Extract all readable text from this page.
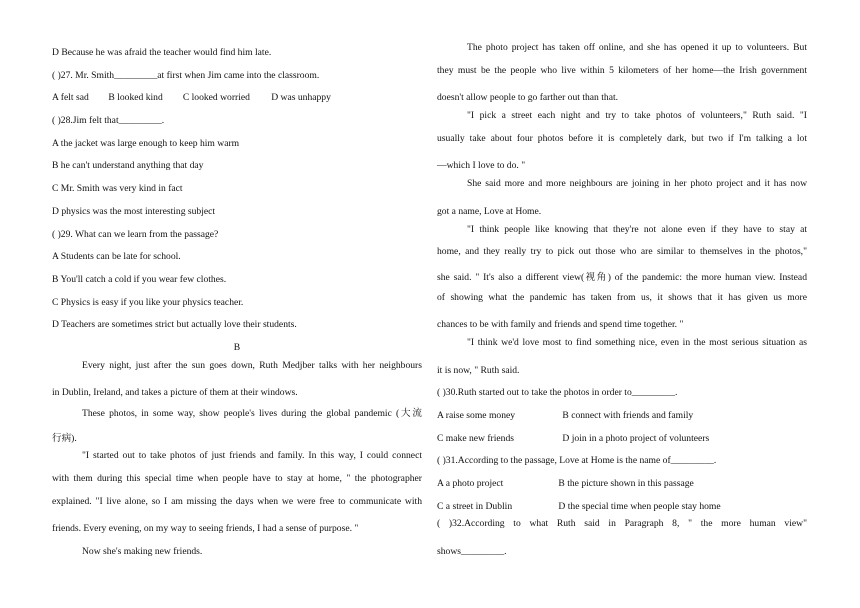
D Because he was afraid the teacher would find him late.
( )27. Mr. Smith_________at first when Jim came into the classroom.
A felt sad B looked kind C looked worried D was unhappy
( )28.Jim felt that_________.
A the jacket was large enough to keep him warm
B he can't understand anything that day
C Mr. Smith was very kind in fact
D physics was the most interesting subject
( )29. What can we learn from the passage?
A Students can be late for school.
B You'll catch a cold if you wear few clothes.
C Physics is easy if you like your physics teacher.
D Teachers are sometimes strict but actually love their students.
B
Every night, just after the sun goes down, Ruth Medjber talks with her neighbours
in Dublin, Ireland, and takes a picture of them at their windows.
These photos, in some way, show people's lives during the global pandemic (大流
行病).
"I started out to take photos of just friends and family. In this way, I could connect
with them during this special time when people have to stay at home, " the photographer
explained. "I live alone, so I am missing the days when we were free to communicate with
friends. Every evening, on my way to seeing friends, I had a sense of purpose. "
Now she's making new friends.
The photo project has taken off online, and she has opened it up to volunteers. But
they must be the people who live within 5 kilometers of her home—the Irish government
doesn't allow people to go farther out than that.
"I pick a street each night and try to take photos of volunteers," Ruth said. "I
usually take about four photos before it is completely dark, but two if I'm talking a lot
—which I love to do. "
She said more and more neighbours are joining in her photo project and it has now
got a name, Love at Home.
"I think people like knowing that they're not alone even if they have to stay at
home, and they really try to pick out those who are similar to themselves in the photos,"
she said. " It's also a different view(视角) of the pandemic: the more human view. Instead
of showing what the pandemic has taken from us, it shows that it has given us more
chances to be with family and friends and spend time together. "
"I think we'd love most to find something nice, even in the most serious situation as
it is now, " Ruth said.
( )30.Ruth started out to take the photos in order to_________.
A raise some money	B connect with friends and family
C make new friends	D join in a photo project of volunteers
( )31.According to the passage, Love at Home is the name of_________.
A a photo project	B the picture shown in this passage
C a street in Dublin	D the special time when people stay home
( )32.According to what Ruth said in Paragraph 8, " the more human view"
shows_________.
